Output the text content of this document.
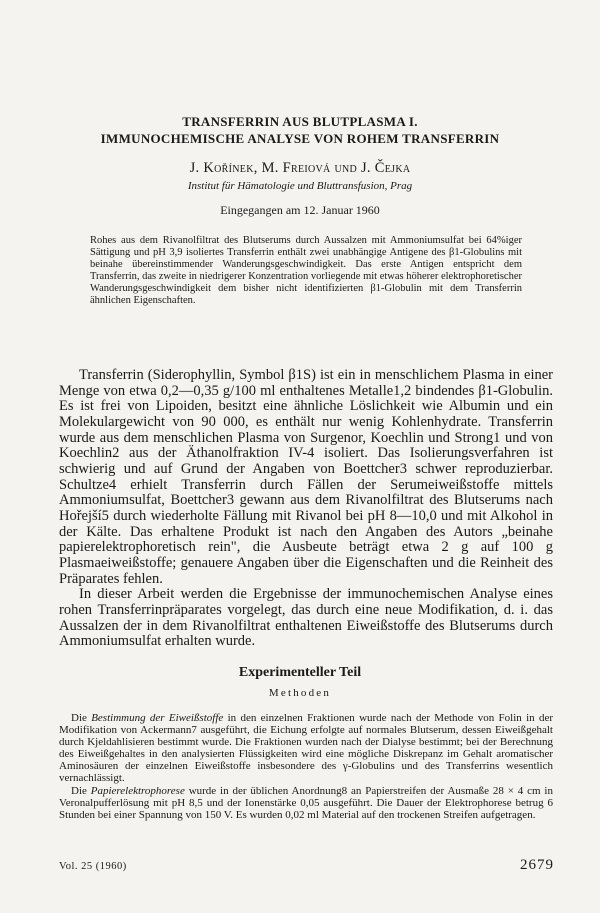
TRANSFERRIN AUS BLUTPLASMA I.
IMMUNOCHEMISCHE ANALYSE VON ROHEM TRANSFERRIN
J. Kořínek, M. Freiová und J. Čejka
Institut für Hämatologie und Bluttransfusion, Prag
Eingegangen am 12. Januar 1960
Rohes aus dem Rivanolfiltrat des Blutserums durch Aussalzen mit Ammoniumsulfat bei 64%iger Sättigung und pH 3,9 isoliertes Transferrin enthält zwei unabhängige Antigene des β1-Globulins mit beinahe übereinstimmender Wanderungsgeschwindigkeit. Das erste Antigen entspricht dem Transferrin, das zweite in niedrigerer Konzentration vorliegende mit etwas höherer elektrophoretischer Wanderungsgeschwindigkeit dem bisher nicht identifizierten β1-Globulin mit dem Transferrin ähnlichen Eigenschaften.

Transferrin (Siderophyllin, Symbol β1S) ist ein in menschlichem Plasma in einer Menge von etwa 0,2—0,35 g/100 ml enthaltenes Metalle1,2 bindendes β1-Globulin. Es ist frei von Lipoiden, besitzt eine ähnliche Löslichkeit wie Albumin und ein Molekulargewicht von 90 000, es enthält nur wenig Kohlenhydrate. Transferrin wurde aus dem menschlichen Plasma von Surgenor, Koechlin und Strong1 und von Koechlin2 aus der Äthanolfraktion IV-4 isoliert. Das Isolierungsverfahren ist schwierig und auf Grund der Angaben von Boettcher3 schwer reproduzierbar. Schultze4 erhielt Transferrin durch Fällen der Serumeiweißstoffe mittels Ammoniumsulfat, Boettcher3 gewann aus dem Rivanolfiltrat des Blutserums nach Hořejší5 durch wiederholte Fällung mit Rivanol bei pH 8—10,0 und mit Alkohol in der Kälte. Das erhaltene Produkt ist nach den Angaben des Autors „beinahe papierelektrophoretisch rein", die Ausbeute beträgt etwa 2 g auf 100 g Plasmaeiweißstoffe; genauere Angaben über die Eigenschaften und die Reinheit des Präparates fehlen.

In dieser Arbeit werden die Ergebnisse der immunochemischen Analyse eines rohen Transferrinpräparates vorgelegt, das durch eine neue Modifikation, d. i. das Aussalzen der in dem Rivanolfiltrat enthaltenen Eiweißstoffe des Blutserums durch Ammoniumsulfat erhalten wurde.

Experimenteller Teil
Methoden

Die Bestimmung der Eiweißstoffe in den einzelnen Fraktionen wurde nach der Methode von Folin in der Modifikation von Ackermann7 ausgeführt, die Eichung erfolgte auf normales Blutserum, dessen Eiweißgehalt durch Kjeldahlisieren bestimmt wurde. Die Fraktionen wurden nach der Dialyse bestimmt; bei der Berechnung des Eiweißgehaltes in den analysierten Flüssigkeiten wird eine mögliche Diskrepanz im Gehalt aromatischer Aminosäuren der einzelnen Eiweißstoffe insbesondere des γ-Globulins und des Transferrins wesentlich vernachlässigt.

Die Papierelektrophorese wurde in der üblichen Anordnung8 an Papierstreifen der Ausmaße 28 × 4 cm in Veronalpufferlösung mit pH 8,5 und der Ionenstärke 0,05 ausgeführt. Die Dauer der Elektrophorese betrug 6 Stunden bei einer Spannung von 150 V. Es wurden 0,02 ml Material auf den trockenen Streifen aufgetragen.

Vol. 25 (1960)	2679
